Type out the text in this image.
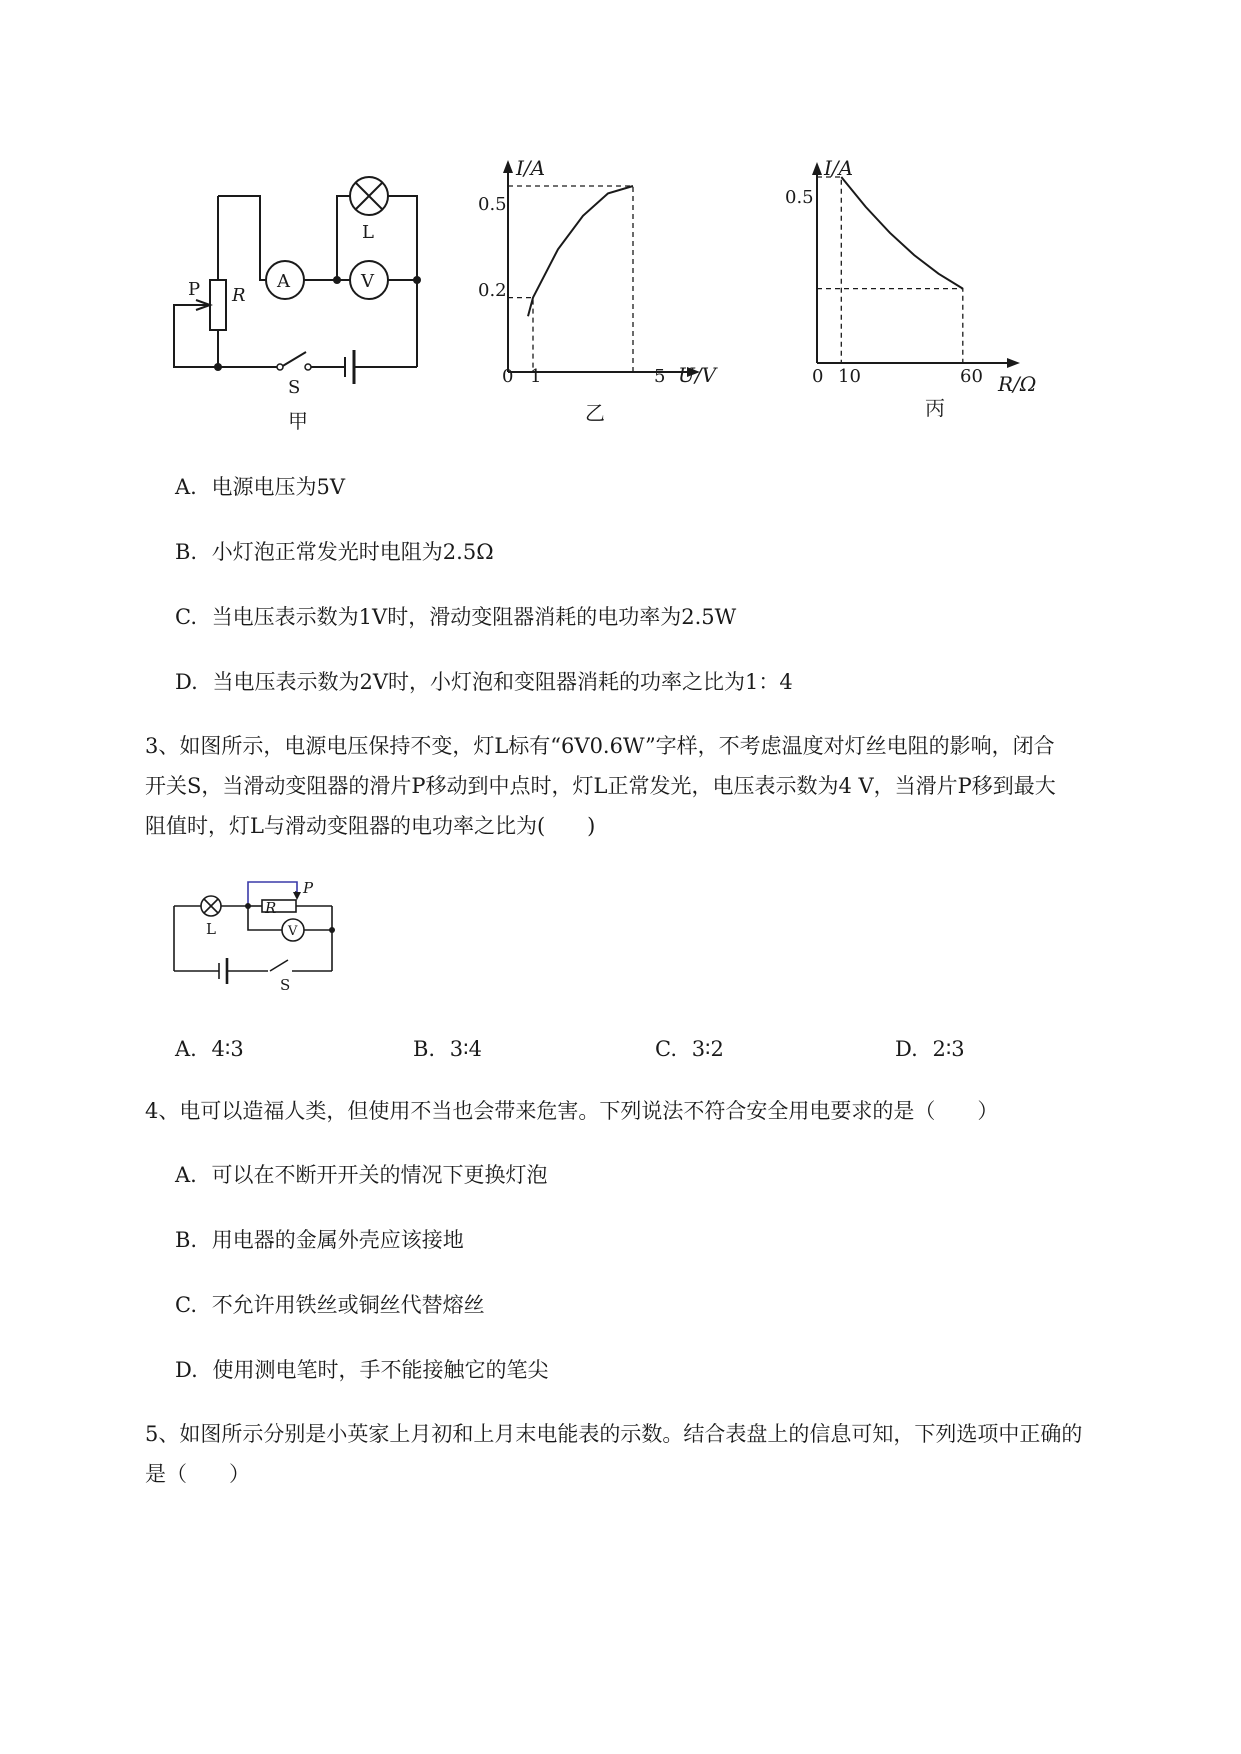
P R
A	V
L
S
甲
I/A
U/V
0.5
0.2
0 1	5
乙
I/A
R/Ω
0.5
0 10	60
丙
A. 电源电压为5V
B. 小灯泡正常发光时电阻为2.5Ω
C. 当电压表示数为1V时，滑动变阻器消耗的电功率为2.5W
D. 当电压表示数为2V时，小灯泡和变阻器消耗的功率之比为1：4
3、如图所示，电源电压保持不变，灯L标有“6V0.6W”字样，不考虑温度对灯丝电阻的影响，闭合
开关S，当滑动变阻器的滑片P移动到中点时，灯L正常发光，电压表示数为4 V，当滑片P移到最大
阻值时，灯L与滑动变阻器的电功率之比为(　　)
L
R
P
V
S
A. 4∶3	B. 3∶4	C. 3∶2	D. 2∶3
4、电可以造福人类，但使用不当也会带来危害。下列说法不符合安全用电要求的是（　　）
A. 可以在不断开开关的情况下更换灯泡
B. 用电器的金属外壳应该接地
C. 不允许用铁丝或铜丝代替熔丝
D. 使用测电笔时，手不能接触它的笔尖
5、如图所示分别是小英家上月初和上月末电能表的示数。结合表盘上的信息可知，下列选项中正确的
是（　　）
